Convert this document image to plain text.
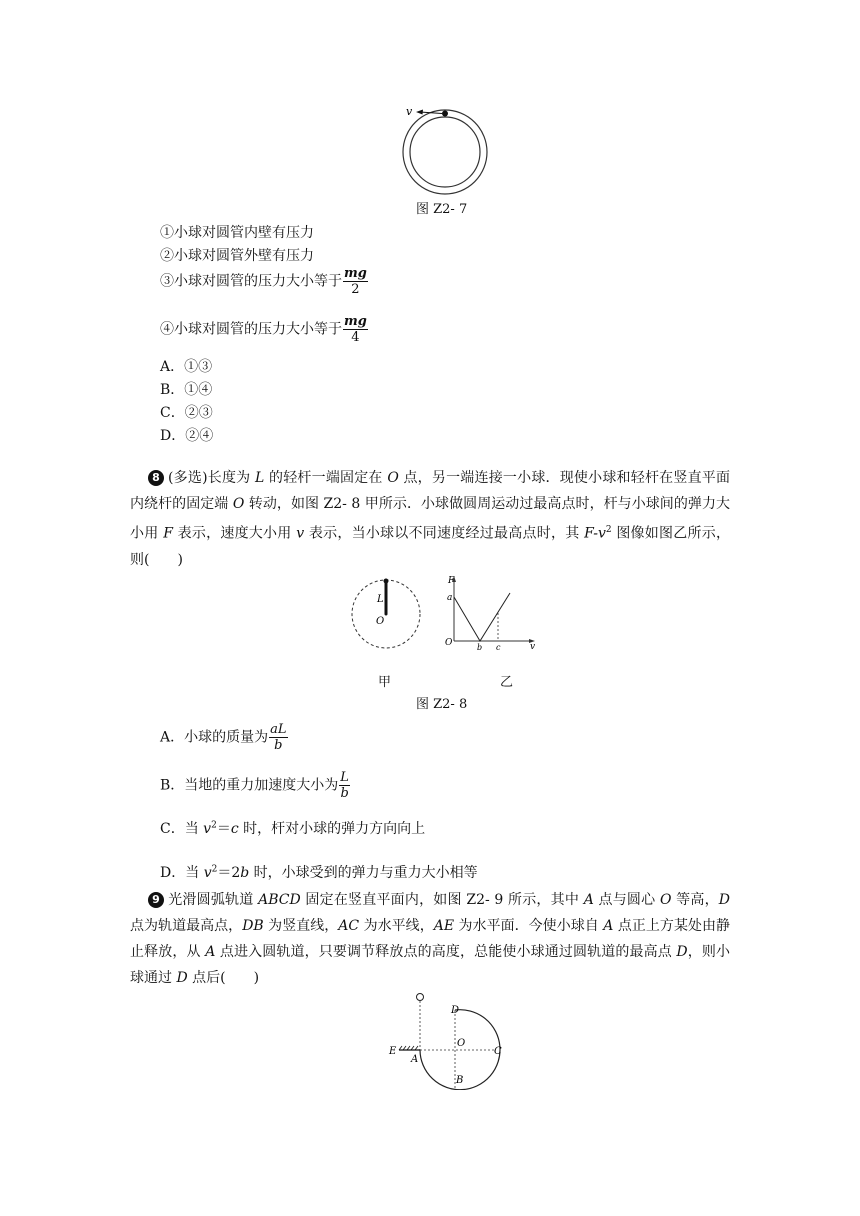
v
图 Z2- 7
①小球对圆管内壁有压力
②小球对圆管外壁有压力
③小球对圆管的压力大小等于 $\frac{mg}{2}$
④小球对圆管的压力大小等于 $\frac{mg}{4}$
A．①③
B．①④
C．②③
D．②④
8 (多选)长度为 L 的轻杆一端固定在 O 点，另一端连接一小球．现使小球和轻杆在竖直平面内绕杆的固定端 O 转动，如图 Z2- 8 甲所示．小球做圆周运动过最高点时，杆与小球间的弹力大小用 F 表示，速度大小用 v 表示，当小球以不同速度经过最高点时，其 $F-v^2$ 图像如图乙所示，则(　　)
L
O
F
a
O	b c	v
甲	乙
图 Z2- 8
A．小球的质量为 $\frac{aL}{b}$
B．当地的重力加速度大小为 $\frac{L}{b}$
C．当 $v^2=c$ 时，杆对小球的弹力方向向上
D．当 $v^2=2b$ 时，小球受到的弹力与重力大小相等
9 光滑圆弧轨道 ABCD 固定在竖直平面内，如图 Z2- 9 所示，其中 A 点与圆心 O 等高，D 点为轨道最高点，DB 为竖直线，AC 为水平线，AE 为水平面．今使小球自 A 点正上方某处由静止释放，从 A 点进入圆轨道，只要调节释放点的高度，总能使小球通过圆轨道的最高点 D，则小球通过 D 点后(　　)
D
O
C
E
A
B
